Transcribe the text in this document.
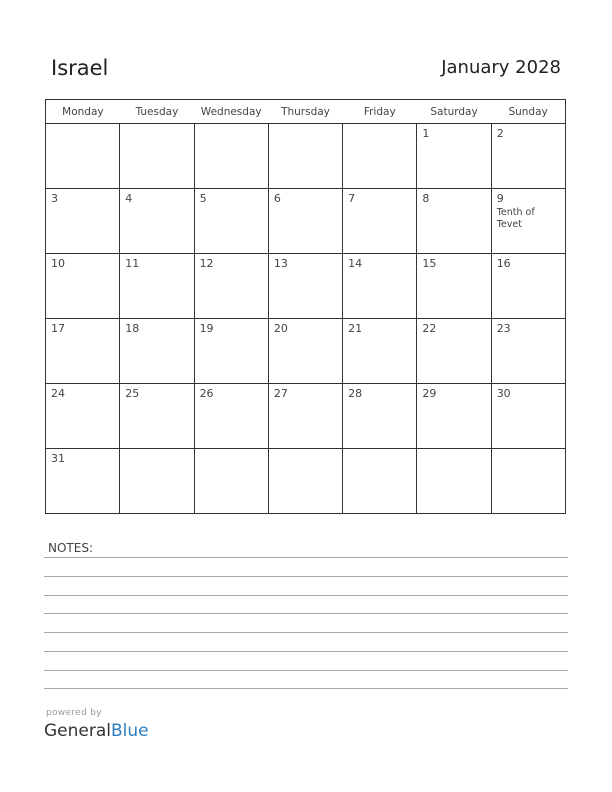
Israel	January 2028
Monday	Tuesday	Wednesday	Thursday	Friday	Saturday	Sunday

					1	2

3	4	5	6	7	8	9
Tenth of Tevet

10	11	12	13	14	15	16

17	18	19	20	21	22	23

24	25	26	27	28	29	30

31						

NOTES:
powered by
GeneralBlue
